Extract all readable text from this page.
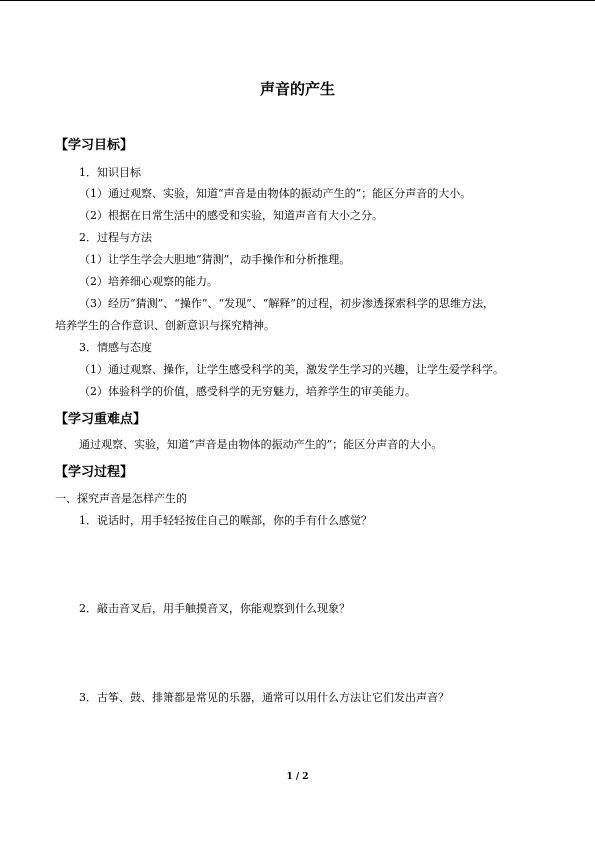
声音的产生
【学习目标】
1．知识目标
（1）通过观察、实验，知道“声音是由物体的振动产生的”；能区分声音的大小。
（2）根据在日常生活中的感受和实验，知道声音有大小之分。
2．过程与方法
（1）让学生学会大胆地“猜测”，动手操作和分析推理。
（2）培养细心观察的能力。
（3）经历“猜测”、“操作”、“发现”、“解释”的过程，初步渗透探索科学的思维方法，
培养学生的合作意识、创新意识与探究精神。
3．情感与态度
（1）通过观察、操作，让学生感受科学的美，激发学生学习的兴趣，让学生爱学科学。
（2）体验科学的价值，感受科学的无穷魅力，培养学生的审美能力。
【学习重难点】
通过观察、实验，知道“声音是由物体的振动产生的”；能区分声音的大小。
【学习过程】
一、探究声音是怎样产生的
1．说话时，用手轻轻按住自己的喉部，你的手有什么感觉？
2．敲击音叉后，用手触摸音叉，你能观察到什么现象？
3．古筝、鼓、排箫都是常见的乐器，通常可以用什么方法让它们发出声音？
1 / 2
